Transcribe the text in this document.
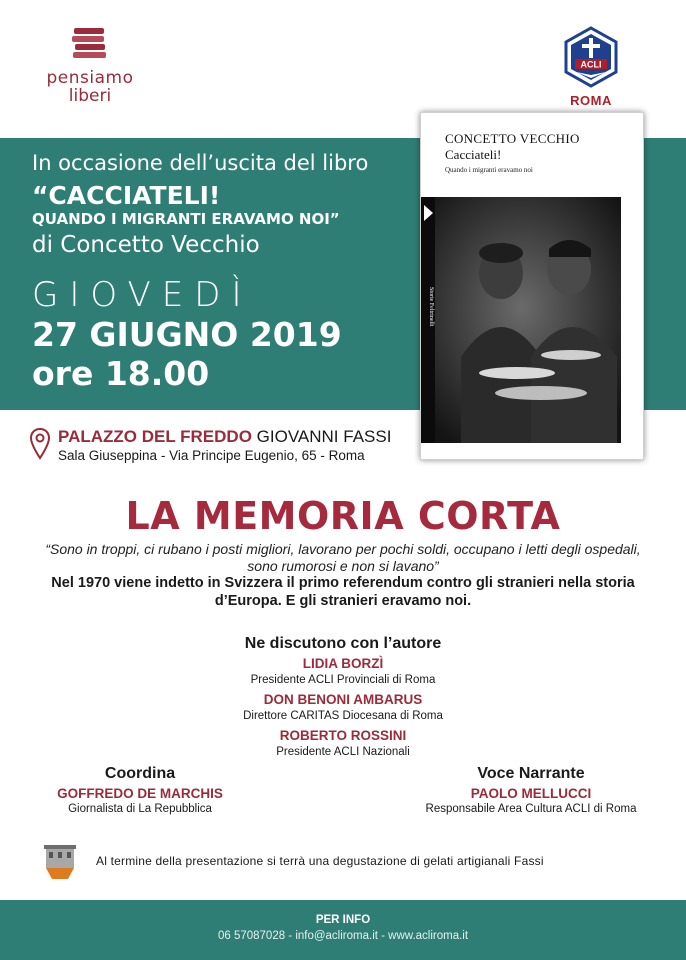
pensiamo
liberi
ACLI
ROMA
In occasione dell’uscita del libro
“CACCIATELI!
QUANDO I MIGRANTI ERAVAMO NOI”
di Concetto Vecchio
GIOVEDÌ
27 GIUGNO 2019
ore 18.00
CONCETTO VECCHIO
Cacciateli!
Quando i migranti eravamo noi
Storie Feltrinelli
PALAZZO DEL FREDDO GIOVANNI FASSI
Sala Giuseppina - Via Principe Eugenio, 65 - Roma
LA MEMORIA CORTA
“Sono in troppi, ci rubano i posti migliori, lavorano per pochi soldi, occupano i letti degli ospedali, sono rumorosi e non si lavano”
Nel 1970 viene indetto in Svizzera il primo referendum contro gli stranieri nella storia d’Europa. E gli stranieri eravamo noi.
Ne discutono con l’autore
LIDIA BORZÌ
Presidente ACLI Provinciali di Roma
DON BENONI AMBARUS
Direttore CARITAS Diocesana di Roma
ROBERTO ROSSINI
Presidente ACLI Nazionali
Coordina
GOFFREDO DE MARCHIS
Giornalista di La Repubblica
Voce Narrante
PAOLO MELLUCCI
Responsabile Area Cultura ACLI di Roma
Al termine della presentazione si terrà una degustazione di gelati artigianali Fassi
PER INFO
06 57087028 - info@acliroma.it - www.acliroma.it
